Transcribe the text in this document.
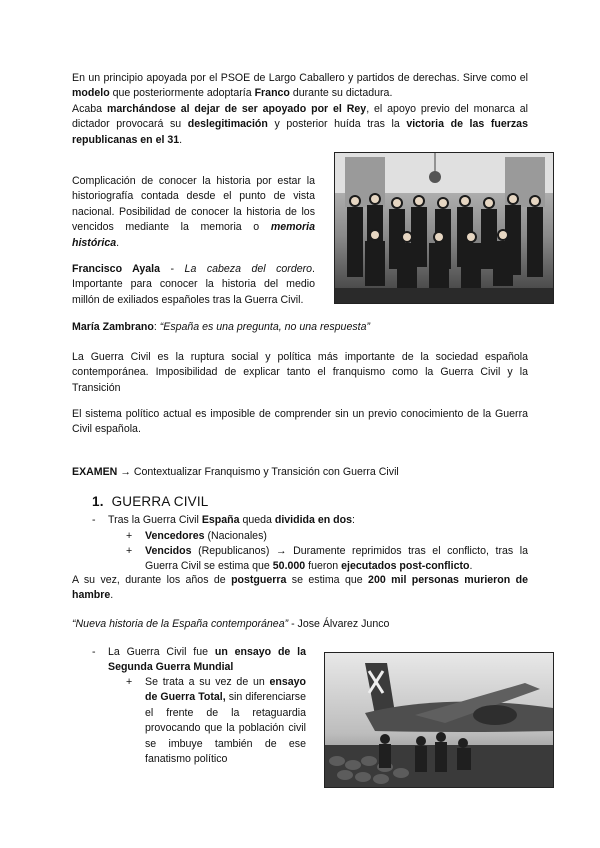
En un principio apoyada por el PSOE de Largo Caballero y partidos de derechas. Sirve como el modelo que posteriormente adoptaría Franco durante su dictadura.

Acaba marchándose al dejar de ser apoyado por el Rey, el apoyo previo del monarca al dictador provocará su deslegitimación y posterior huída tras la victoria de las fuerzas republicanas en el 31.

Complicación de conocer la historia por estar la historiografía contada desde el punto de vista nacional. Posibilidad de conocer la historia de los vencidos mediante la memoria o memoria histórica.

Francisco Ayala - La cabeza del cordero. Importante para conocer la historia del medio millón de exiliados españoles tras la Guerra Civil.

María Zambrano: “España es una pregunta, no una respuesta”

La Guerra Civil es la ruptura social y política más importante de la sociedad española contemporánea. Imposibilidad de explicar tanto el franquismo como la Guerra Civil y la Transición

El sistema político actual es imposible de comprender sin un previo conocimiento de la Guerra Civil española.

EXAMEN → Contextualizar Franquismo y Transición con Guerra Civil

1. GUERRA CIVIL
- Tras la Guerra Civil España queda dividida en dos:
+ Vencedores (Nacionales)
+ Vencidos (Republicanos) → Duramente reprimidos tras el conflicto, tras la Guerra Civil se estima que 50.000 fueron ejecutados post-conflicto.

A su vez, durante los años de postguerra se estima que 200 mil personas murieron de hambre.

“Nueva historia de la España contemporánea” - Jose Álvarez Junco

- La Guerra Civil fue un ensayo de la Segunda Guerra Mundial
+ Se trata a su vez de un ensayo de Guerra Total, sin diferenciarse el frente de la retaguardia provocando que la población civil se imbuye también de ese fanatismo político
